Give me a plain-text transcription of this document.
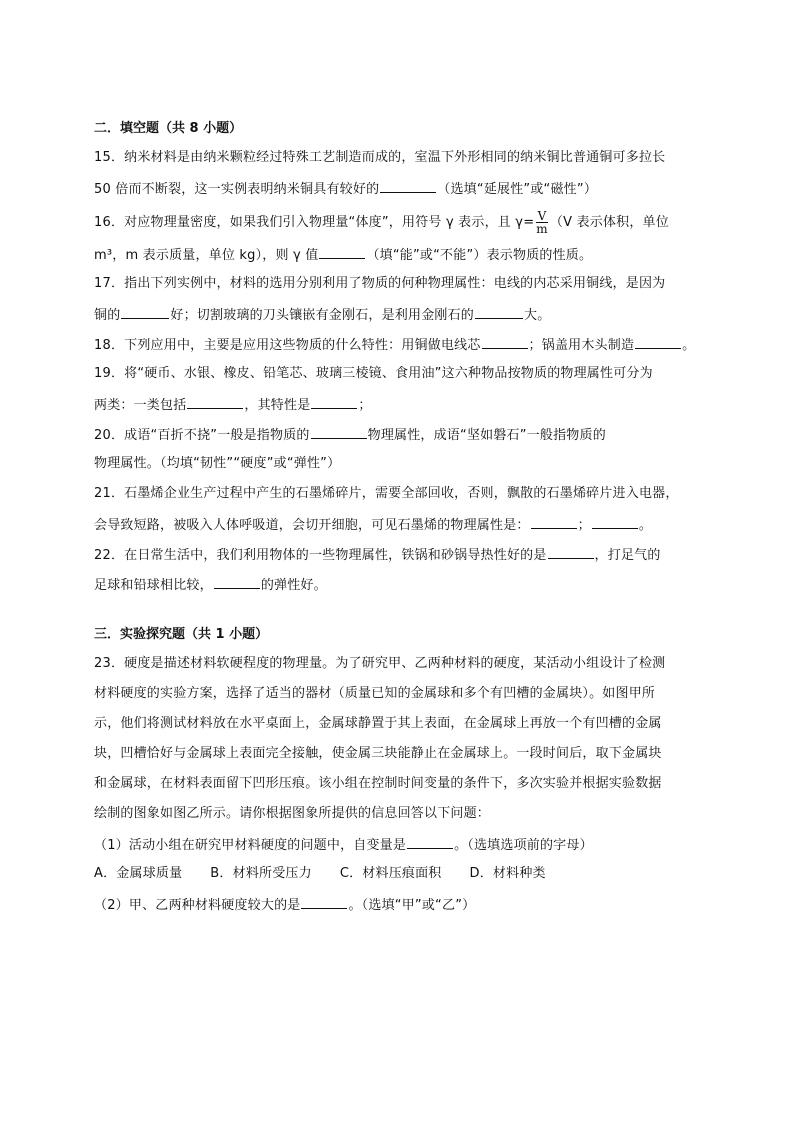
二．填空题（共 8 小题）
15．纳米材料是由纳米颗粒经过特殊工艺制造而成的，室温下外形相同的纳米铜比普通铜可多拉长
50 倍而不断裂，这一实例表明纳米铜具有较好的	（选填“延展性”或“磁性”）
16．对应物理量密度，如果我们引入物理量“体度”，用符号 γ 表示，且 $\gamma= \frac{V}{m} (V$ 表示体积，单位
m³，m 表示质量，单位 kg），则 γ 值	（填“能”或“不能”）表示物质的性质。
17．指出下列实例中，材料的选用分别利用了物质的何种物理属性：电线的内芯采用铜线，是因为
铜的	好；切割玻璃的刀头镶嵌有金刚石，是利用金刚石的	大。
18．下列应用中，主要是应用这些物质的什么特性：用铜做电线芯	；锅盖用木头制造	。
19．将“硬币、水银、橡皮、铅笔芯、玻璃三棱镜、食用油”这六种物品按物质的物理属性可分为
两类：一类包括	，其特性是	；
20．成语“百折不挠”一般是指物质的	物理属性，成语“坚如磐石”一般指物质的
物理属性。（均填“韧性”“硬度”或“弹性”）
21．石墨烯企业生产过程中产生的石墨烯碎片，需要全部回收，否则，飘散的石墨烯碎片进入电器，
会导致短路，被吸入人体呼吸道，会切开细胞，可见石墨烯的物理属性是：	；	。
22．在日常生活中，我们利用物体的一些物理属性，铁锅和砂锅导热性好的是	，打足气的
足球和铅球相比较，	的弹性好。
三．实验探究题（共 1 小题）
23．硬度是描述材料软硬程度的物理量。为了研究甲、乙两种材料的硬度，某活动小组设计了检测
材料硬度的实验方案，选择了适当的器材（质量已知的金属球和多个有凹槽的金属块）。如图甲所
示，他们将测试材料放在水平桌面上，金属球静置于其上表面，在金属球上再放一个有凹槽的金属
块，凹槽恰好与金属球上表面完全接触，使金属三块能静止在金属球上。一段时间后，取下金属块
和金属球，在材料表面留下凹形压痕。该小组在控制时间变量的条件下，多次实验并根据实验数据
绘制的图象如图乙所示。请你根据图象所提供的信息回答以下问题：
（1）活动小组在研究甲材料硬度的问题中，自变量是	。（选填选项前的字母）
A．金属球质量 B．材料所受压力 C．材料压痕面积 D．材料种类
（2）甲、乙两种材料硬度较大的是	。（选填“甲”或“乙”）
